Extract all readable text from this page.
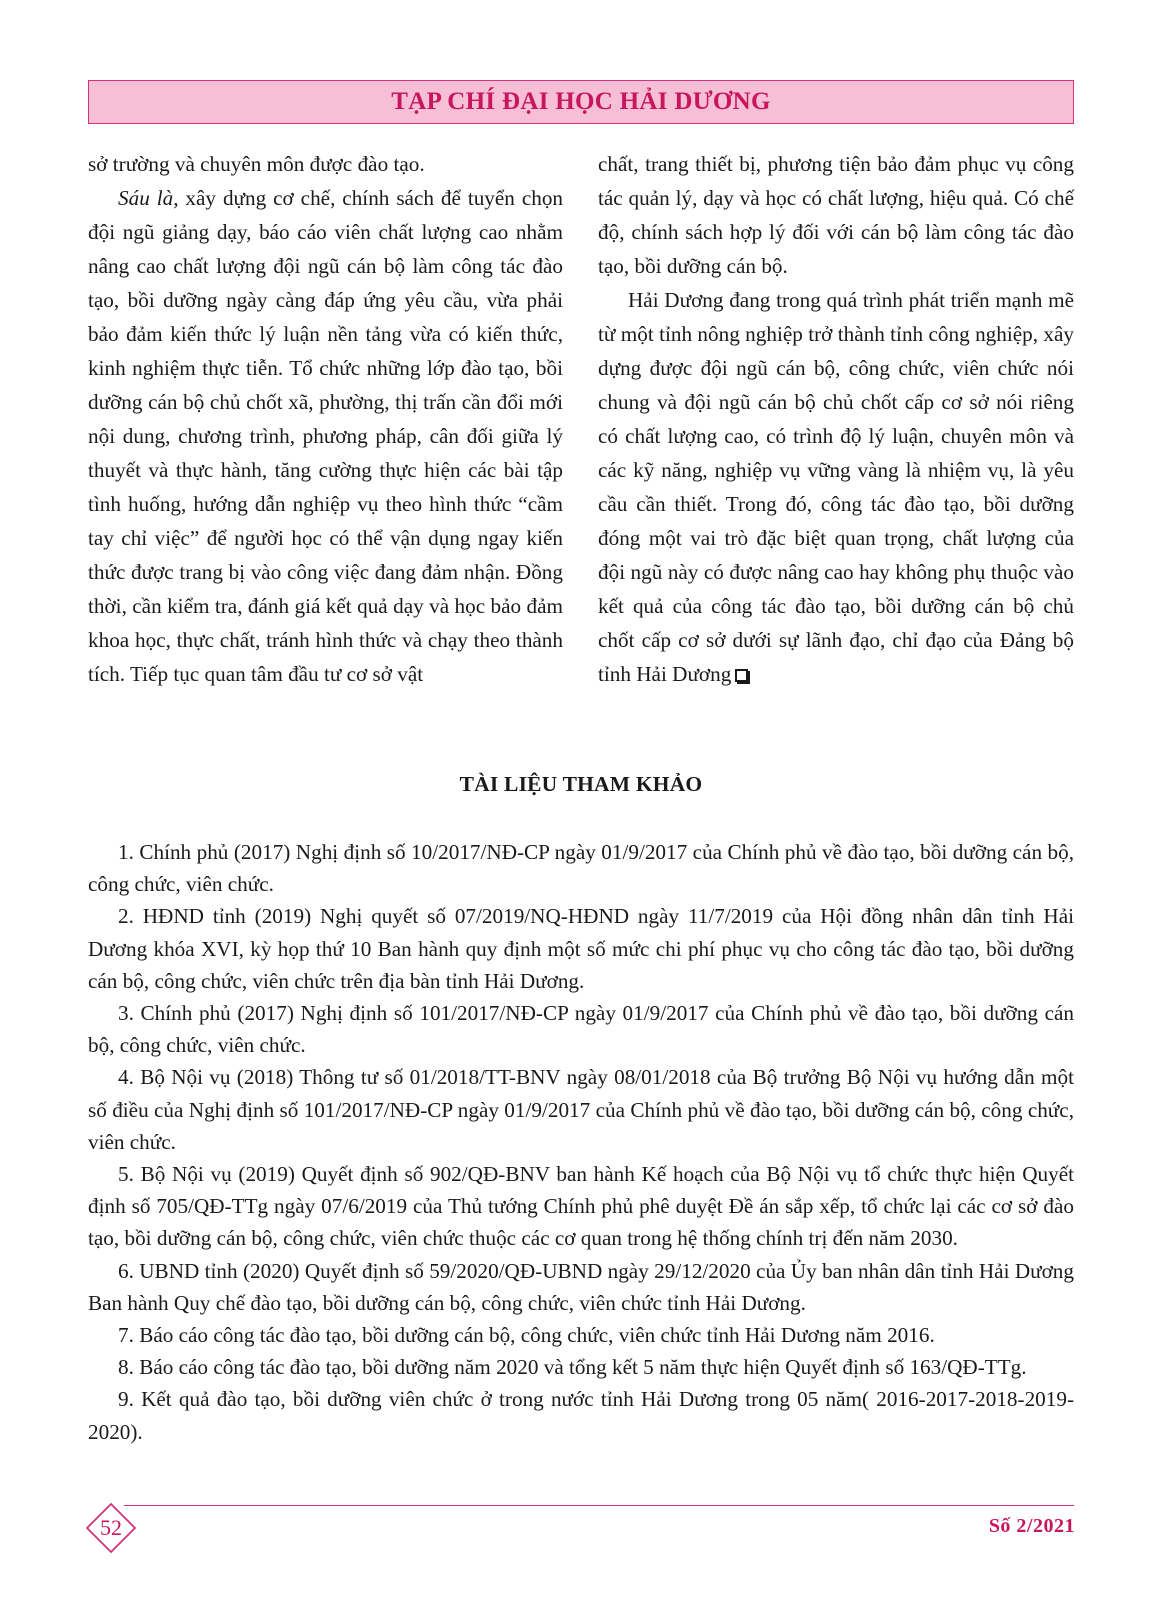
TẠP CHÍ ĐẠI HỌC HẢI DƯƠNG

sở trường và chuyên môn được đào tạo.

Sáu là, xây dựng cơ chế, chính sách để tuyển chọn đội ngũ giảng dạy, báo cáo viên chất lượng cao nhằm nâng cao chất lượng đội ngũ cán bộ làm công tác đào tạo, bồi dưỡng ngày càng đáp ứng yêu cầu, vừa phải bảo đảm kiến thức lý luận nền tảng vừa có kiến thức, kinh nghiệm thực tiễn. Tổ chức những lớp đào tạo, bồi dưỡng cán bộ chủ chốt xã, phường, thị trấn cần đổi mới nội dung, chương trình, phương pháp, cân đối giữa lý thuyết và thực hành, tăng cường thực hiện các bài tập tình huống, hướng dẫn nghiệp vụ theo hình thức “cầm tay chỉ việc” để người học có thể vận dụng ngay kiến thức được trang bị vào công việc đang đảm nhận. Đồng thời, cần kiểm tra, đánh giá kết quả dạy và học bảo đảm khoa học, thực chất, tránh hình thức và chạy theo thành tích. Tiếp tục quan tâm đầu tư cơ sở vật

chất, trang thiết bị, phương tiện bảo đảm phục vụ công tác quản lý, dạy và học có chất lượng, hiệu quả. Có chế độ, chính sách hợp lý đối với cán bộ làm công tác đào tạo, bồi dưỡng cán bộ.

Hải Dương đang trong quá trình phát triển mạnh mẽ từ một tỉnh nông nghiệp trở thành tỉnh công nghiệp, xây dựng được đội ngũ cán bộ, công chức, viên chức nói chung và đội ngũ cán bộ chủ chốt cấp cơ sở nói riêng có chất lượng cao, có trình độ lý luận, chuyên môn và các kỹ năng, nghiệp vụ vững vàng là nhiệm vụ, là yêu cầu cần thiết. Trong đó, công tác đào tạo, bồi dưỡng đóng một vai trò đặc biệt quan trọng, chất lượng của đội ngũ này có được nâng cao hay không phụ thuộc vào kết quả của công tác đào tạo, bồi dưỡng cán bộ chủ chốt cấp cơ sở dưới sự lãnh đạo, chỉ đạo của Đảng bộ tỉnh Hải Dương

TÀI LIỆU THAM KHẢO

1. Chính phủ (2017) Nghị định số 10/2017/NĐ-CP ngày 01/9/2017 của Chính phủ về đào tạo, bồi dưỡng cán bộ, công chức, viên chức.

2. HĐND tỉnh (2019) Nghị quyết số 07/2019/NQ-HĐND ngày 11/7/2019 của Hội đồng nhân dân tỉnh Hải Dương khóa XVI, kỳ họp thứ 10 Ban hành quy định một số mức chi phí phục vụ cho công tác đào tạo, bồi dưỡng cán bộ, công chức, viên chức trên địa bàn tỉnh Hải Dương.

3. Chính phủ (2017) Nghị định số 101/2017/NĐ-CP ngày 01/9/2017 của Chính phủ về đào tạo, bồi dưỡng cán bộ, công chức, viên chức.

4. Bộ Nội vụ (2018) Thông tư số 01/2018/TT-BNV ngày 08/01/2018 của Bộ trưởng Bộ Nội vụ hướng dẫn một số điều của Nghị định số 101/2017/NĐ-CP ngày 01/9/2017 của Chính phủ về đào tạo, bồi dưỡng cán bộ, công chức, viên chức.

5. Bộ Nội vụ (2019) Quyết định số 902/QĐ-BNV ban hành Kế hoạch của Bộ Nội vụ tổ chức thực hiện Quyết định số 705/QĐ-TTg ngày 07/6/2019 của Thủ tướng Chính phủ phê duyệt Đề án sắp xếp, tổ chức lại các cơ sở đào tạo, bồi dưỡng cán bộ, công chức, viên chức thuộc các cơ quan trong hệ thống chính trị đến năm 2030.

6. UBND tỉnh (2020) Quyết định số 59/2020/QĐ-UBND ngày 29/12/2020 của Ủy ban nhân dân tỉnh Hải Dương Ban hành Quy chế đào tạo, bồi dưỡng cán bộ, công chức, viên chức tỉnh Hải Dương.

7. Báo cáo công tác đào tạo, bồi dưỡng cán bộ, công chức, viên chức tỉnh Hải Dương năm 2016.

8. Báo cáo công tác đào tạo, bồi dưỡng năm 2020 và tổng kết 5 năm thực hiện Quyết định số 163/QĐ-TTg.

9. Kết quả đào tạo, bồi dưỡng viên chức ở trong nước tỉnh Hải Dương trong 05 năm( 2016-2017-2018-2019-2020).

52	Số 2/2021
